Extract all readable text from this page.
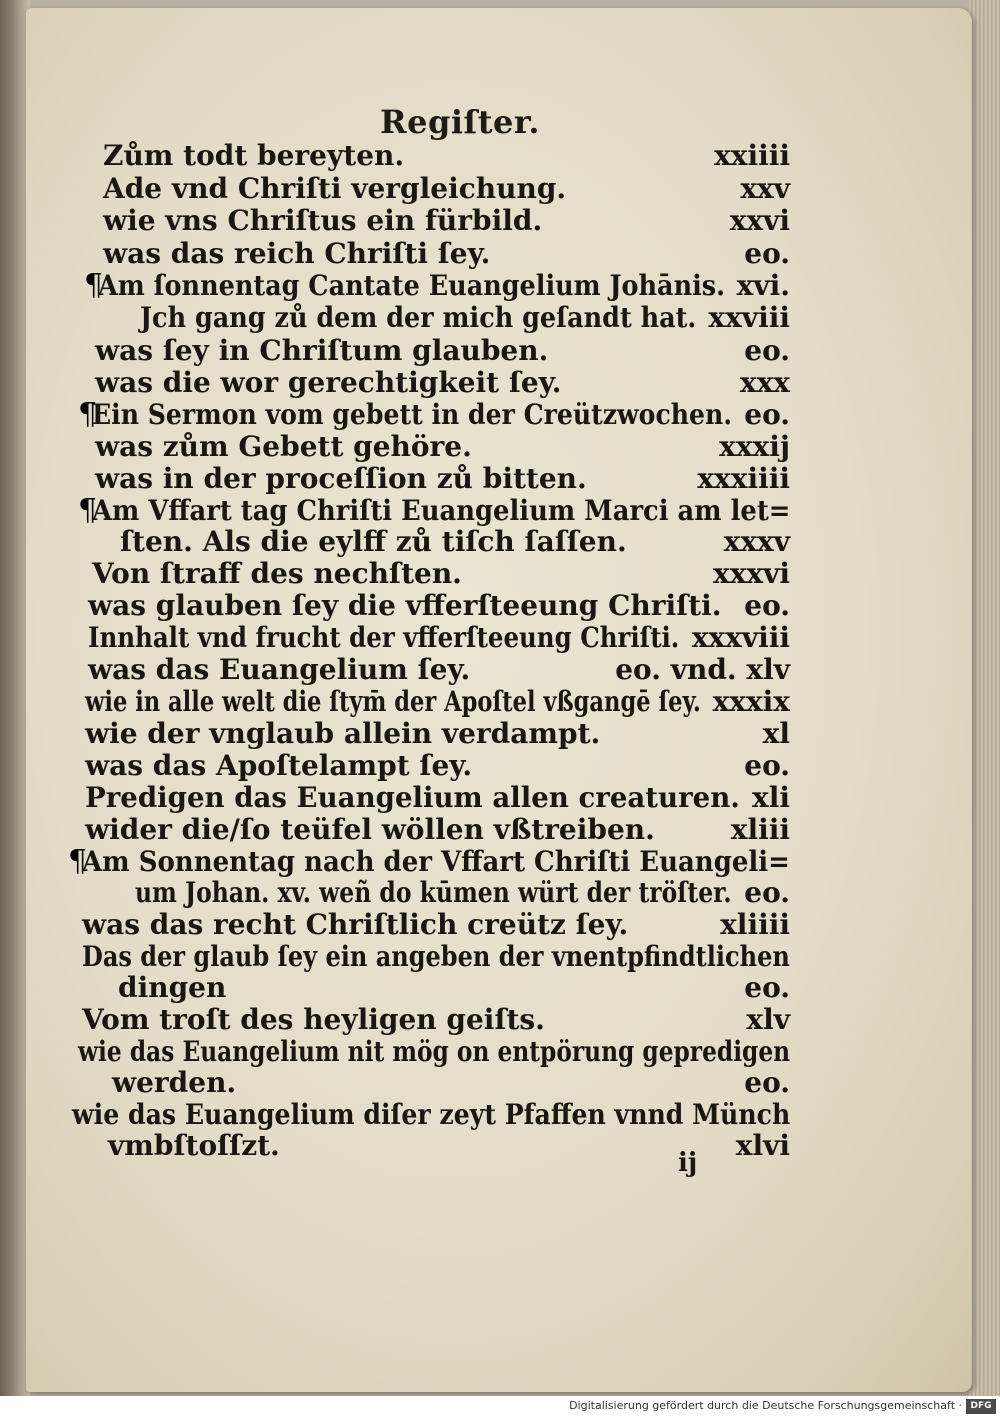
Regiſter.
Zům todt bereyten.	xxiiii
Ade vnd Chriſti vergleichung.	xxv
wie vns Chriſtus ein fürbild.	xxvi
was das reich Chriſti ſey.	eo.
¶
Am ſonnentag Cantate Euangelium Johānis. xvi.
Jch gang zů dem der mich geſandt hat. xxviii
was ſey in Chriſtum glauben.	eo.
was die wor gerechtigkeit ſey.	xxx
¶
Ein Sermon vom gebett in der Creützwochen. eo.
was zům Gebett gehöre.	xxxij
was in der proceſſion zů bitten.	xxxiiii
¶
Am Vffart tag Chriſti Euangelium Marci am let=
ſten. Als die eylff zů tiſch ſaſſen.	xxxv
Von ſtraff des nechſten.	xxxvi
was glauben ſey die vfferſteeung Chriſti. eo.
Innhalt vnd frucht der vfferſteeung Chriſti. xxxviii
was das Euangelium ſey.	eo. vnd. xlv
wie in alle welt die ſtym̄ der Apoſtel vßgangē ſey. xxxix
wie der vnglaub allein verdampt.	xl
was das Apoſtelampt ſey.	eo.
Predigen das Euangelium allen creaturen. xli
wider die/ſo teüfel wöllen vßtreiben.	xliii
¶
Am Sonnentag nach der Vffart Chriſti Euangeli=
um Johan. xv. weñ do kūmen würt der tröſter. eo.
was das recht Chriſtlich creütz ſey.	xliiii
Das der glaub ſey ein angeben der vnentpfindtlichen
dingen	eo.
Vom troſt des heyligen geiſts.	xlv
wie das Euangelium nit mög on entpörung gepredigen
werden.	eo.
wie das Euangelium diſer zeyt Pfaffen vnnd Münch
vmbſtoſſzt.	xlvi
ij
Digitalisierung gefördert durch die Deutsche Forschungsgemeinschaft · DFG
